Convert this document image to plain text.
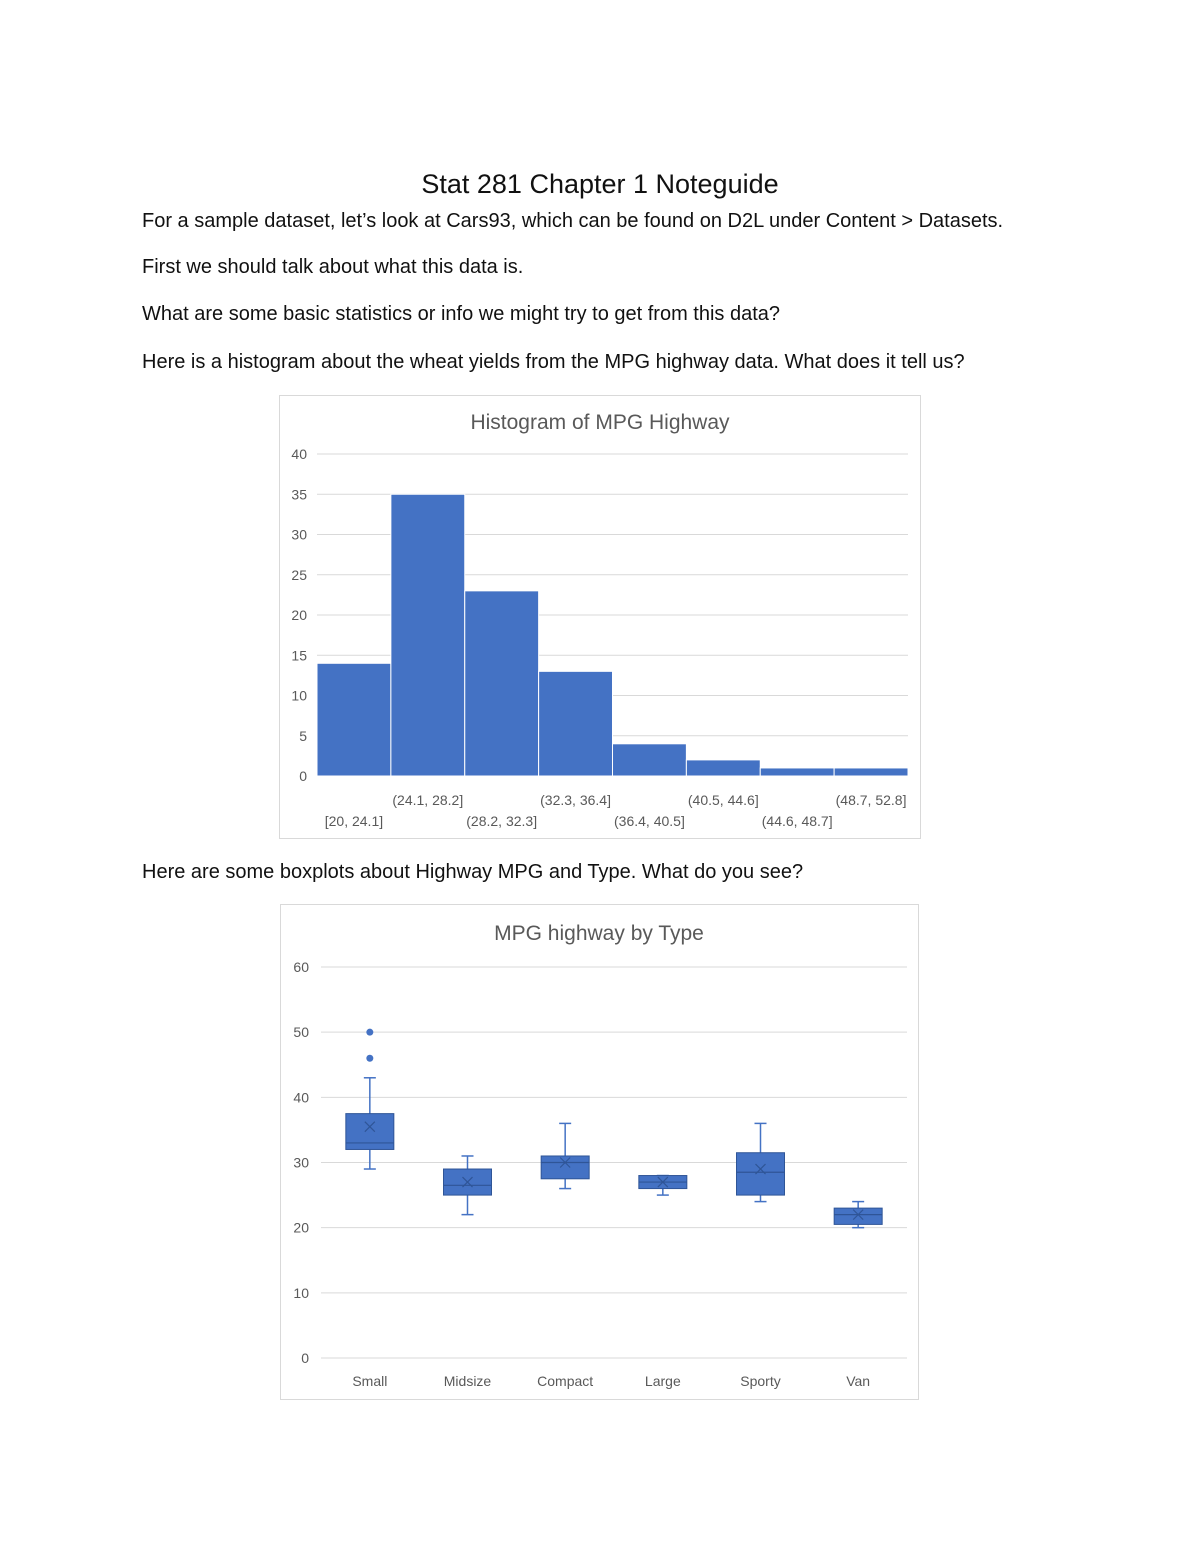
Stat 281 Chapter 1 Noteguide
For a sample dataset, let’s look at Cars93, which can be found on D2L under Content > Datasets.
First we should talk about what this data is.
What are some basic statistics or info we might try to get from this data?
Here is a histogram about the wheat yields from the MPG highway data. What does it tell us?
Histogram of MPG Highway
0
5
10
15
20
25
30
35
40
[20, 24.1]
(24.1, 28.2]
(28.2, 32.3]
(32.3, 36.4]
(36.4, 40.5]
(40.5, 44.6]
(44.6, 48.7]
(48.7, 52.8]
Here are some boxplots about Highway MPG and Type. What do you see?
MPG highway by Type
0
10
20
30
40
50
60
Small	Midsize	Compact	Large	Sporty	Van
